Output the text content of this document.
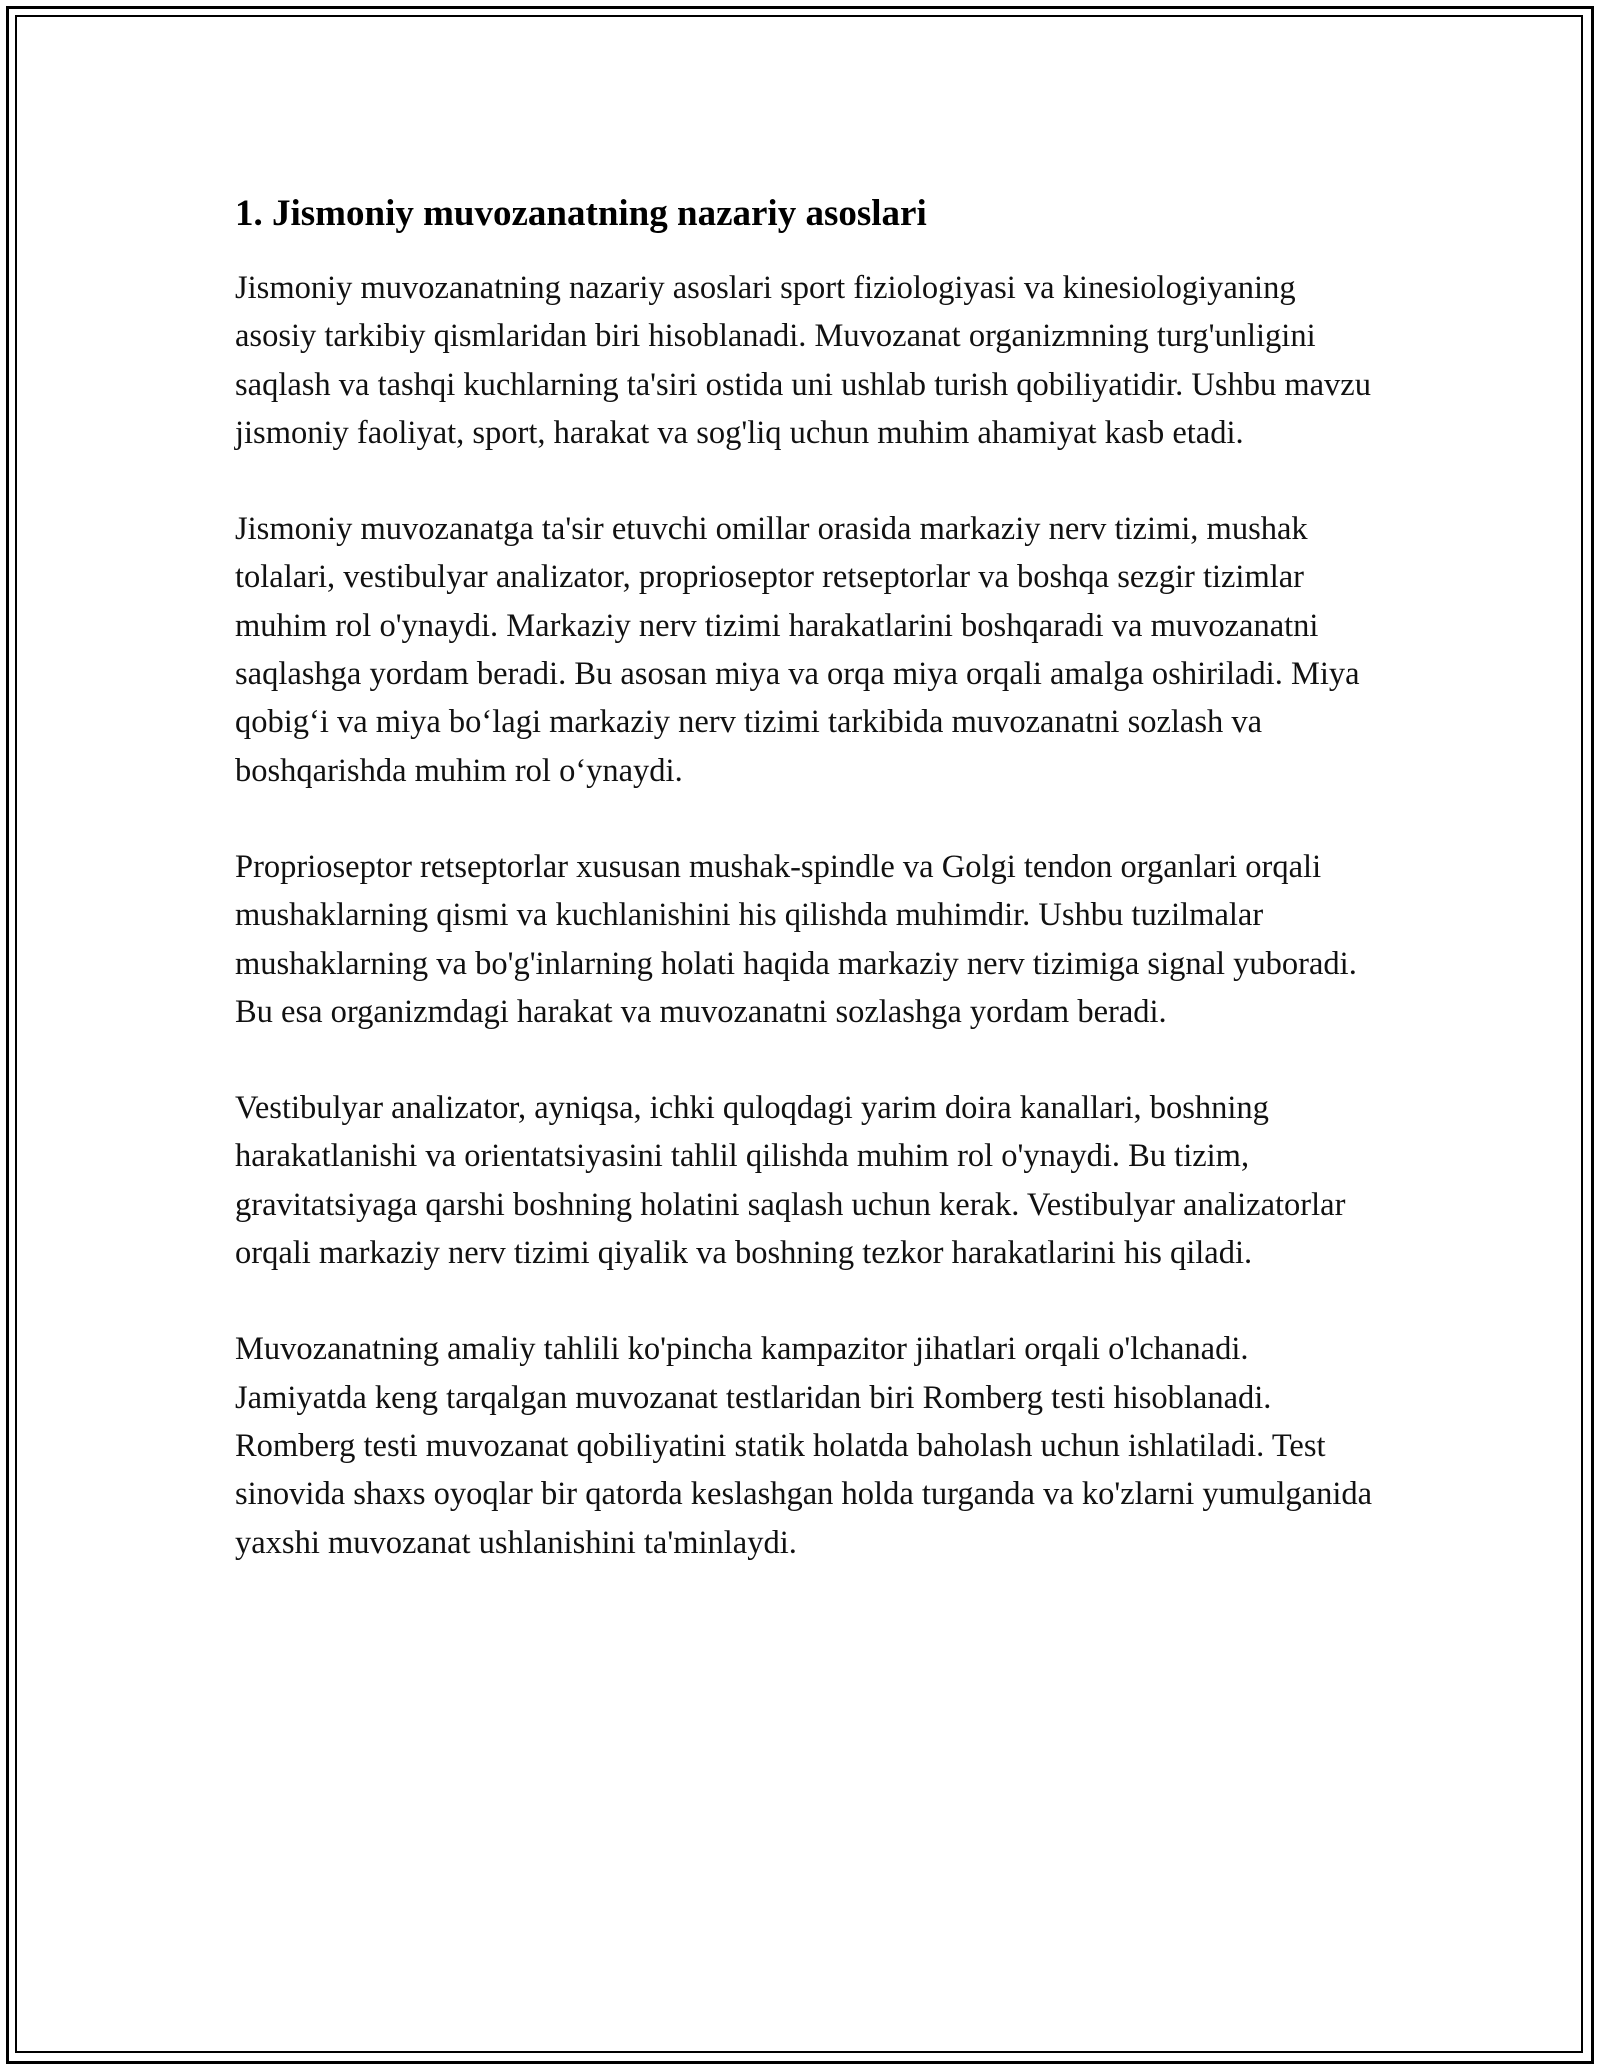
1. Jismoniy muvozanatning nazariy asoslari

Jismoniy muvozanatning nazariy asoslari sport fiziologiyasi va kinesiologiyaning asosiy tarkibiy qismlaridan biri hisoblanadi. Muvozanat organizmning turg'unligini saqlash va tashqi kuchlarning ta'siri ostida uni ushlab turish qobiliyatidir. Ushbu mavzu jismoniy faoliyat, sport, harakat va sog'liq uchun muhim ahamiyat kasb etadi.

Jismoniy muvozanatga ta'sir etuvchi omillar orasida markaziy nerv tizimi, mushak tolalari, vestibulyar analizator, proprioseptor retseptorlar va boshqa sezgir tizimlar muhim rol o'ynaydi. Markaziy nerv tizimi harakatlarini boshqaradi va muvozanatni saqlashga yordam beradi. Bu asosan miya va orqa miya orqali amalga oshiriladi. Miya qobig‘i va miya bo‘lagi markaziy nerv tizimi tarkibida muvozanatni sozlash va boshqarishda muhim rol o‘ynaydi.

Proprioseptor retseptorlar xususan mushak-spindle va Golgi tendon organlari orqali mushaklarning qismi va kuchlanishini his qilishda muhimdir. Ushbu tuzilmalar mushaklarning va bo'g'inlarning holati haqida markaziy nerv tizimiga signal yuboradi. Bu esa organizmdagi harakat va muvozanatni sozlashga yordam beradi.

Vestibulyar analizator, ayniqsa, ichki quloqdagi yarim doira kanallari, boshning harakatlanishi va orientatsiyasini tahlil qilishda muhim rol o'ynaydi. Bu tizim, gravitatsiyaga qarshi boshning holatini saqlash uchun kerak. Vestibulyar analizatorlar orqali markaziy nerv tizimi qiyalik va boshning tezkor harakatlarini his qiladi.

Muvozanatning amaliy tahlili ko'pincha kampazitor jihatlari orqali o'lchanadi. Jamiyatda keng tarqalgan muvozanat testlaridan biri Romberg testi hisoblanadi. Romberg testi muvozanat qobiliyatini statik holatda baholash uchun ishlatiladi. Test sinovida shaxs oyoqlar bir qatorda keslashgan holda turganda va ko'zlarni yumulganida yaxshi muvozanat ushlanishini ta'minlaydi.
